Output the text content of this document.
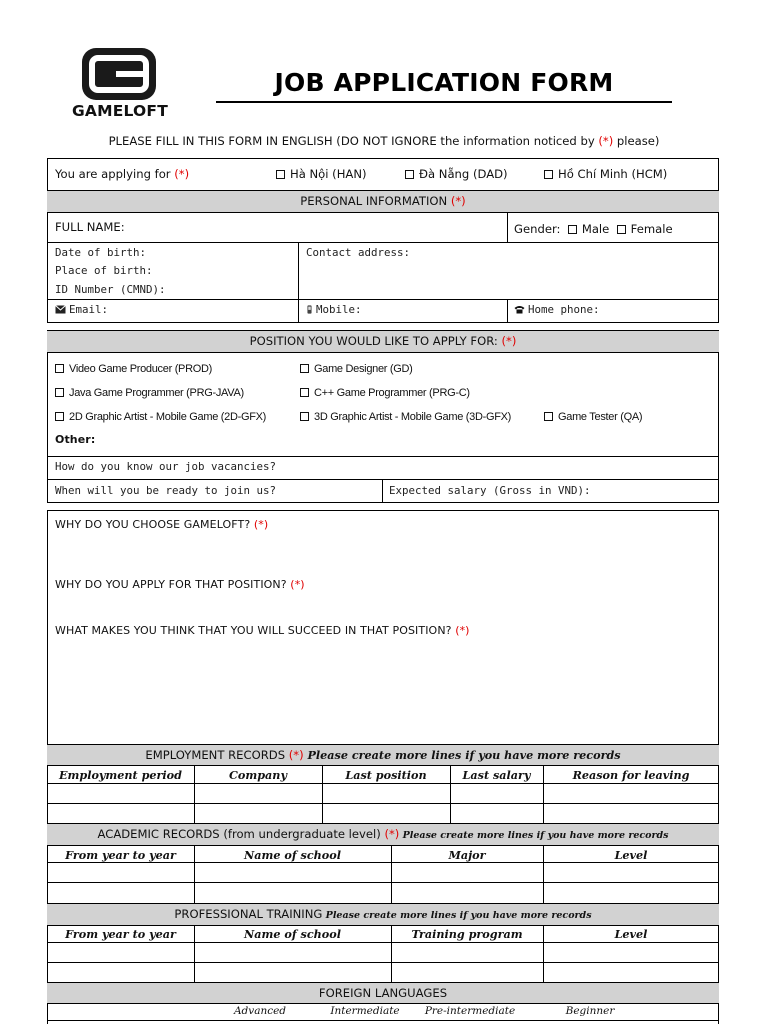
GAMELOFT
JOB APPLICATION FORM
PLEASE FILL IN THIS FORM IN ENGLISH (DO NOT IGNORE the information noticed by (*) please)
You are applying for (*)	Hà Nội (HAN)	Đà Nẵng (DAD)	Hồ Chí Minh (HCM)
PERSONAL INFORMATION (*)
FULL NAME:	Gender: Male Female
Date of birth:
Place of birth:
ID Number (CMND):
Contact address:
Email:	Mobile:	Home phone:
POSITION YOU WOULD LIKE TO APPLY FOR: (*)
Video Game Producer (PROD)	Game Designer (GD)
Java Game Programmer (PRG-JAVA)	C++ Game Programmer (PRG-C)
2D Graphic Artist - Mobile Game (2D-GFX)	3D Graphic Artist - Mobile Game (3D-GFX)	Game Tester (QA)
Other:
How do you know our job vacancies?
When will you be ready to join us?	Expected salary (Gross in VND):
WHY DO YOU CHOOSE GAMELOFT? (*)
WHY DO YOU APPLY FOR THAT POSITION? (*)
WHAT MAKES YOU THINK THAT YOU WILL SUCCEED IN THAT POSITION? (*)
EMPLOYMENT RECORDS (*) Please create more lines if you have more records
Employment period	Company	Last position	Last salary	Reason for leaving
ACADEMIC RECORDS (from undergraduate level) (*) Please create more lines if you have more records
From year to year	Name of school	Major	Level
PROFESSIONAL TRAINING Please create more lines if you have more records
From year to year	Name of school	Training program	Level
FOREIGN LANGUAGES
Advanced	Intermediate	Pre-intermediate	Beginner
